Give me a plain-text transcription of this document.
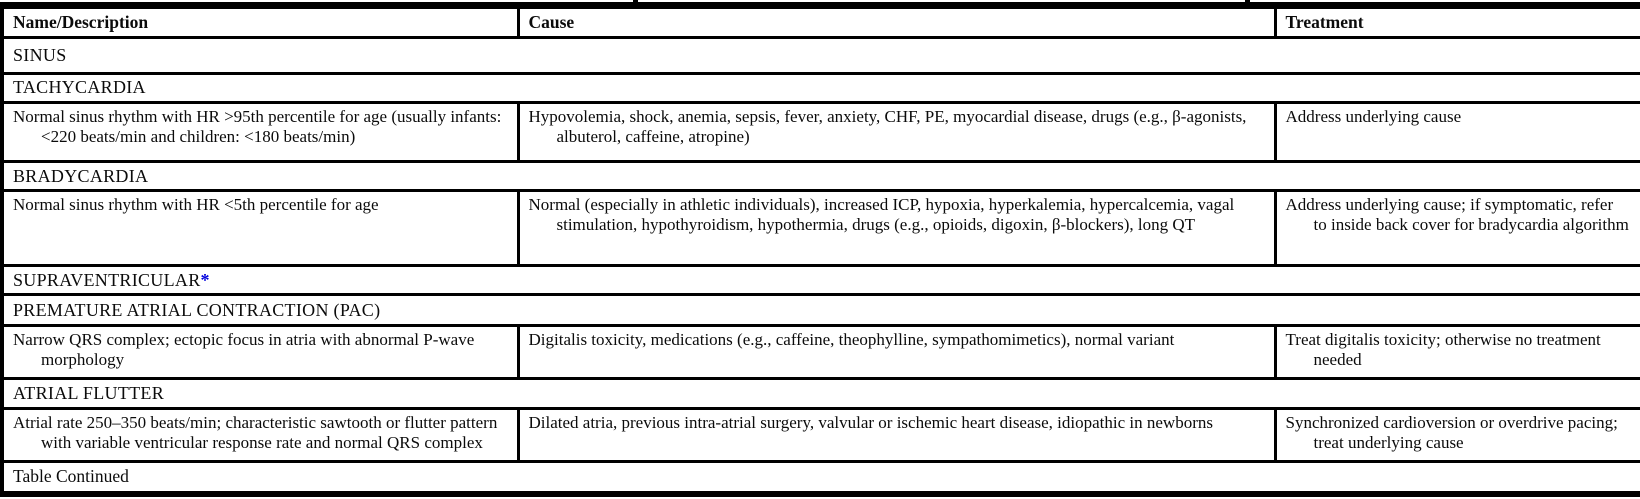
Name/Description	Cause	Treatment
SINUS		
TACHYCARDIA		

Normal sinus rhythm with HR >95th percentile for age (usually infants: <220 beats/min and children: <180 beats/min)	Hypovolemia, shock, anemia, sepsis, fever, anxiety, CHF, PE, myocardial disease, drugs (e.g., β-agonists, albuterol, caffeine, atropine)	Address underlying cause

BRADYCARDIA		

Normal sinus rhythm with HR <5th percentile for age	Normal (especially in athletic individuals), increased ICP, hypoxia, hyperkalemia, hypercalcemia, vagal stimulation, hypothyroidism, hypothermia, drugs (e.g., opioids, digoxin, β-blockers), long QT	Address underlying cause; if symptomatic, refer to inside back cover for bradycardia algorithm

SUPRAVENTRICULAR*		
PREMATURE ATRIAL CONTRACTION (PAC)		

Narrow QRS complex; ectopic focus in atria with abnormal P-wave morphology	Digitalis toxicity, medications (e.g., caffeine, theophylline, sympathomimetics), normal variant	Treat digitalis toxicity; otherwise no treatment needed

ATRIAL FLUTTER		

Atrial rate 250–350 beats/min; characteristic sawtooth or flutter pattern with variable ventricular response rate and normal QRS complex	Dilated atria, previous intra-atrial surgery, valvular or ischemic heart disease, idiopathic in newborns	Synchronized cardioversion or overdrive pacing; treat underlying cause

Table Continued		
